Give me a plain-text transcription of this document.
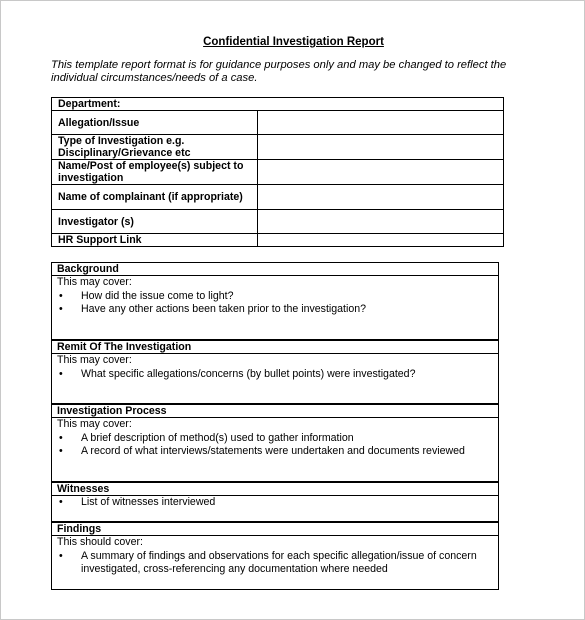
Confidential Investigation Report
This template report format is for guidance purposes only and may be changed to reflect the individual circumstances/needs of a case.
Department:	
Allegation/Issue	
Type of Investigation e.g. Disciplinary/Grievance etc	
Name/Post of employee(s) subject to investigation	
Name of complainant (if appropriate)	
Investigator (s)	
HR Support Link	
Background
This may cover:
• How did the issue come to light?
• Have any other actions been taken prior to the investigation?
Remit Of The Investigation
This may cover:
• What specific allegations/concerns (by bullet points) were investigated?
Investigation Process
This may cover:
• A brief description of method(s) used to gather information
• A record of what interviews/statements were undertaken and documents reviewed
Witnesses
• List of witnesses interviewed
Findings
This should cover:
• A summary of findings and observations for each specific allegation/issue of concern investigated, cross-referencing any documentation where needed
